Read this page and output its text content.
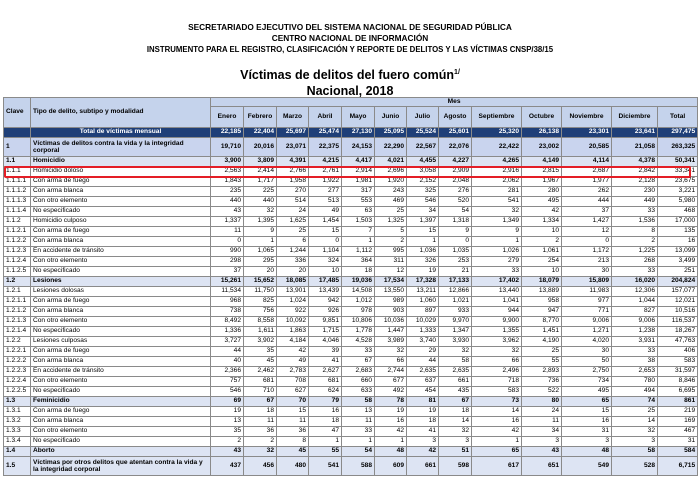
SECRETARIADO EJECUTIVO DEL SISTEMA NACIONAL DE SEGURIDAD PÚBLICA
CENTRO NACIONAL DE INFORMACIÓN
INSTRUMENTO PARA EL REGISTRO, CLASIFICACIÓN Y REPORTE DE DELITOS Y LAS VÍCTIMAS CNSP/38/15
Víctimas de delitos del fuero común$^{1/}$
Nacional, 2018
Clave	Tipo de delito, subtipo y modalidad	Mes												
		Enero	Febrero	Marzo	Abril	Mayo	Junio	Julio	Agosto	Septiembre	Octubre	Noviembre	Diciembre	Total
	Total de víctimas mensual	22,185	22,404	25,697	25,474	27,130	25,095	25,524	25,601	25,320	26,138	23,301	23,641	297,475
1	Víctimas de delitos contra la vida y la integridad corporal	19,710	20,016	23,071	22,375	24,153	22,290	22,567	22,076	22,422	23,002	20,585	21,058	263,325
1.1	Homicidio	3,900	3,809	4,391	4,215	4,417	4,021	4,455	4,227	4,265	4,149	4,114	4,378	50,341
1.1.1	Homicidio doloso	2,563	2,414	2,766	2,761	2,914	2,696	3,058	2,909	2,916	2,815	2,687	2,842	33,341
1.1.1.1	Con arma de fuego	1,843	1,717	1,958	1,922	1,981	1,920	2,152	2,048	2,062	1,967	1,977	2,128	23,675
1.1.1.2	Con arma blanca	235	225	270	277	317	243	325	276	281	280	262	230	3,221
1.1.1.3	Con otro elemento	440	440	514	513	553	469	546	520	541	495	444	449	5,980
1.1.1.4	No especificado	43	32	24	49	63	25	34	54	32	42	37	33	468
1.1.2	Homicidio culposo	1,337	1,395	1,625	1,454	1,503	1,325	1,397	1,318	1,349	1,334	1,427	1,536	17,000
1.1.2.1	Con arma de fuego	11	9	25	15	7	5	15	9	9	10	12	8	135
1.1.2.2	Con arma blanca	0	1	6	0	1	2	1	0	1	2	0	2	16
1.1.2.3	En accidente de tránsito	990	1,065	1,244	1,104	1,112	995	1,036	1,035	1,026	1,061	1,172	1,225	13,099
1.1.2.4	Con otro elemento	298	295	336	324	364	311	326	253	279	254	213	268	3,499
1.1.2.5	No especificado	37	20	20	10	18	12	19	21	33	10	30	33	251
1.2	Lesiones	15,261	15,652	18,085	17,485	19,036	17,534	17,328	17,133	17,402	18,079	15,809	16,020	204,824
1.2.1	Lesiones dolosas	11,534	11,750	13,901	13,439	14,508	13,550	13,211	12,866	13,440	13,889	11,983	12,306	157,077
1.2.1.1	Con arma de fuego	968	825	1,024	942	1,012	989	1,060	1,021	1,041	958	977	1,044	12,021
1.2.1.2	Con arma blanca	738	756	922	926	978	903	897	933	944	947	771	827	10,516
1.2.1.3	Con otro elemento	8,492	8,558	10,092	9,851	10,806	10,036	10,029	9,970	9,900	8,770	9,006	9,006	116,537
1.2.1.4	No especificado	1,336	1,611	1,863	1,715	1,778	1,447	1,333	1,347	1,355	1,451	1,271	1,238	18,267
1.2.2	Lesiones culposas	3,727	3,902	4,184	4,046	4,528	3,989	3,740	3,930	3,962	4,190	4,020	3,931	47,763
1.2.2.1	Con arma de fuego	44	35	42	39	33	32	29	32	32	25	30	33	406
1.2.2.2	Con arma blanca	40	45	49	41	67	66	44	58	66	55	50	38	583
1.2.2.3	En accidente de tránsito	2,366	2,462	2,783	2,627	2,683	2,744	2,635	2,635	2,496	2,893	2,750	2,653	31,597
1.2.2.4	Con otro elemento	757	681	708	681	660	677	637	661	718	736	734	780	8,846
1.2.2.5	No especificado	546	710	627	624	633	492	454	435	583	522	495	494	6,695
1.3	Feminicidio	69	67	70	79	58	78	81	67	73	80	65	74	861
1.3.1	Con arma de fuego	19	18	15	16	13	19	19	18	14	24	15	25	219
1.3.2	Con arma blanca	13	11	11	18	11	16	18	14	16	11	16	14	169
1.3.3	Con otro elemento	35	36	36	47	33	42	41	32	42	34	31	32	467
1.3.4	No especificado	2	2	8	1	1	1	3	3	1	3	3	3	31
1.4	Aborto	43	32	45	55	54	48	42	51	65	43	48	58	584
1.5	Víctimas por otros delitos que atentan contra la vida y la integridad corporal	437	456	480	541	588	609	661	598	617	651	549	528	6,715
